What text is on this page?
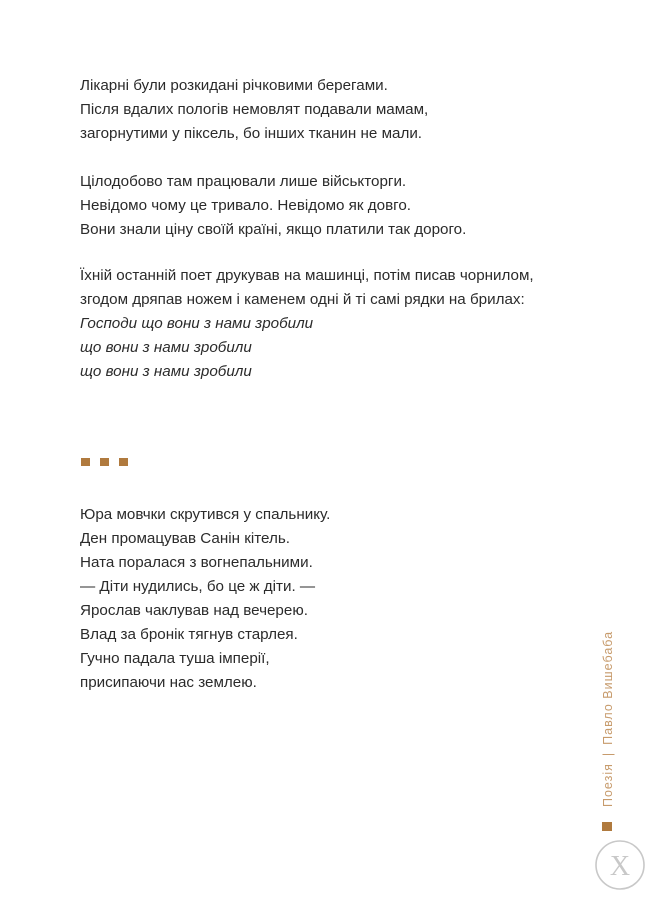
Лікарні були розкидані річковими берегами.
Після вдалих пологів немовлят подавали мамам,
загорнутими у піксель, бо інших тканин не мали.

Цілодобово там працювали лише військторги.
Невідомо чому це тривало. Невідомо як довго.
Вони знали ціну своїй країні, якщо платили так дорого.

Їхній останній поет друкував на машинці, потім писав чорнилом,
згодом дряпав ножем і каменем одні й ті самі рядки на брилах:
Господи що вони з нами зробили
що вони з нами зробили
що вони з нами зробили

Юра мовчки скрутився у спальнику.
Ден промацував Санін кітель.
Ната поралася з вогнепальними.
— Діти нудились, бо це ж діти. —
Ярослав чаклував над вечерею.
Влад за бронік тягнув старлея.
Гучно падала туша імперії,
присипаючи нас землею.

Поезія|Павло Вишебаба
Х
